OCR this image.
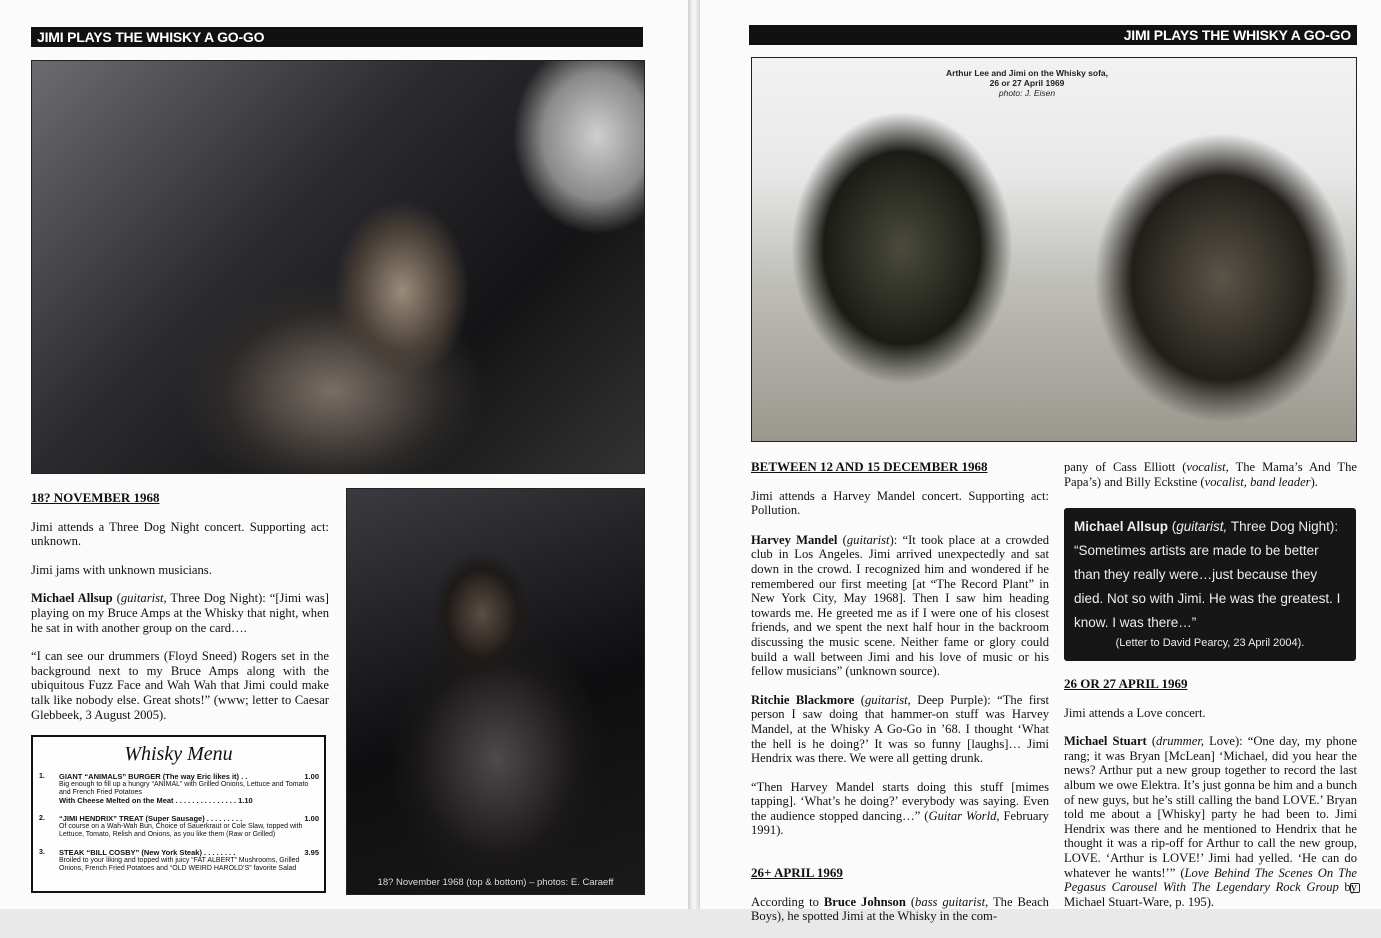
JIMI PLAYS THE WHISKY A GO-GO

18? NOVEMBER 1968

Jimi attends a Three Dog Night concert. Supporting act: unknown.

Jimi jams with unknown musicians.

Michael Allsup (guitarist, Three Dog Night): “[Jimi was] playing on my Bruce Amps at the Whisky that night, when he sat in with another group on the card….

“I can see our drummers (Floyd Sneed) Rogers set in the background next to my Bruce Amps along with the ubiquitous Fuzz Face and Wah Wah that Jimi could make talk like nobody else. Great shots!” (www; letter to Caesar Glebbeek, 3 August 2005).

Whisky Menu
1. GIANT “ANIMALS” BURGER (The way Eric likes it) . .
Big enough to fill up a hungry “ANIMAL” with Grilled Onions, Lettuce and Tomato and French Fried Potatoes
With Cheese Melted on the Meat . . . . . . . . . . . . . . . 1.10
1.00
2. “JIMI HENDRIX” TREAT (Super Sausage) . . . . . . . . .
Of course on a Wah-Wah Bun, Choice of Sauerkraut or Cole Slaw, topped with Lettuce, Tomato, Relish and Onions, as you like them (Raw or Grilled)
1.00
3. STEAK “BILL COSBY” (New York Steak) . . . . . . . .
Broiled to your liking and topped with juicy “FAT ALBERT” Mushrooms, Grilled Onions, French Fried Potatoes and “OLD WEIRD HAROLD’S” favorite Salad
3.95
18? November 1968 (top & bottom) – photos: E. Caraeff
JIMI PLAYS THE WHISKY A GO-GO
Arthur Lee and Jimi on the Whisky sofa,
26 or 27 April 1969
photo: J. Eisen

BETWEEN 12 AND 15 DECEMBER 1968

Jimi attends a Harvey Mandel concert. Supporting act: Pollution.

Harvey Mandel (guitarist): “It took place at a crowded club in Los Angeles. Jimi arrived unexpectedly and sat down in the crowd. I recognized him and wondered if he remembered our first meeting [at “The Record Plant” in New York City, May 1968]. Then I saw him heading towards me. He greeted me as if I were one of his closest friends, and we spent the next half hour in the backroom discussing the music scene. Neither fame or glory could build a wall between Jimi and his love of music or his fellow musicians” (unknown source).

Ritchie Blackmore (guitarist, Deep Purple): “The first person I saw doing that hammer-on stuff was Harvey Mandel, at the Whisky A Go-Go in ’68. I thought ‘What the hell is he doing?’ It was so funny [laughs]… Jimi Hendrix was there. We were all getting drunk.

“Then Harvey Mandel starts doing this stuff [mimes tapping]. ‘What’s he doing?’ everybody was saying. Even the audience stopped dancing…” (Guitar World, February 1991).

26+ APRIL 1969

According to Bruce Johnson (bass guitarist, The Beach Boys), he spotted Jimi at the Whisky in the com-

pany of Cass Elliott (vocalist, The Mama’s And The Papa’s) and Billy Eckstine (vocalist, band leader).

Michael Allsup (guitarist, Three Dog Night): “Sometimes artists are made to be better than they really were…just because they died. Not so with Jimi. He was the greatest. I know. I was there…”
(Letter to David Pearcy, 23 April 2004).

26 OR 27 APRIL 1969

Jimi attends a Love concert.

Michael Stuart (drummer, Love): “One day, my phone rang; it was Bryan [McLean] ‘Michael, did you hear the news? Arthur put a new group together to record the last album we owe Elektra. It’s just gonna be him and a bunch of new guys, but he’s still calling the band LOVE.’ Bryan told me about a [Whisky] party he had been to. Jimi Hendrix was there and he mentioned to Hendrix that he thought it was a rip-off for Arthur to call the new group, LOVE. ‘Arthur is LOVE!’ Jimi had yelled. ‘He can do whatever he wants!’” (Love Behind The Scenes On The Pegasus Carousel With The Legendary Rock Group by Michael Stuart-Ware, p. 195).
